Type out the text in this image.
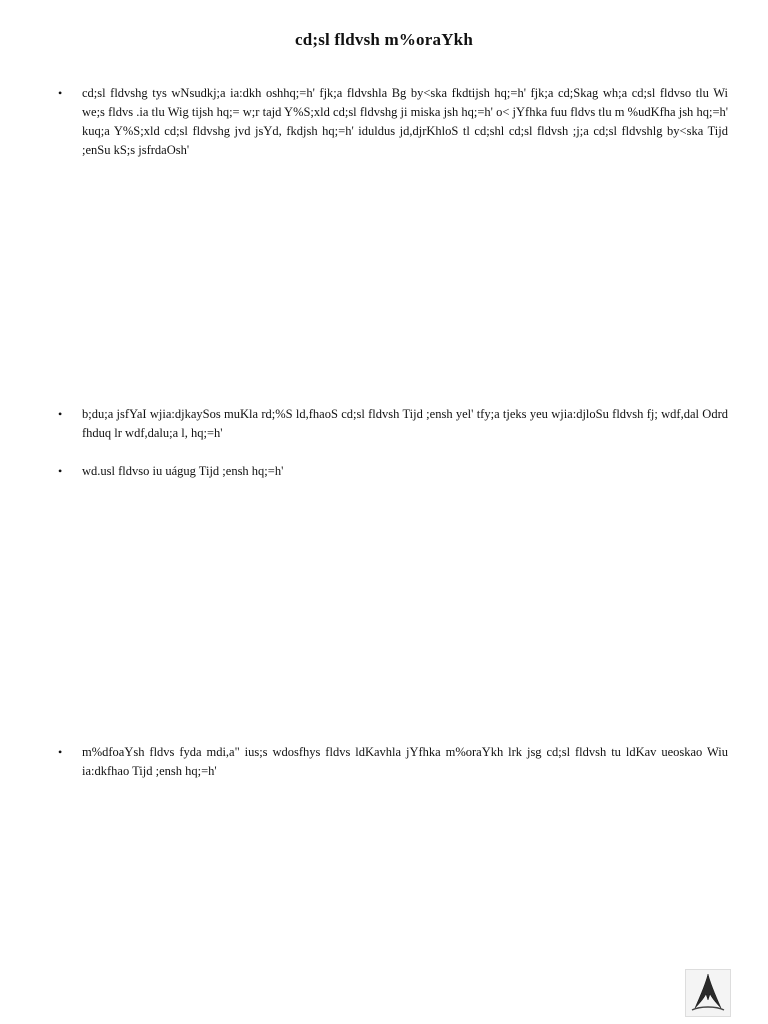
cd;sl fldvsh m%oraYkh
•	cd;sl fldvshg tys wNsudkj;a ia:dkh oshhq;=h' fjk;a fldvshla Bg by<ska fkdtijsh hq;=h' fjk;a cd;Skag wh;a cd;sl fldvso tlu Wi we;s fldvs .ia tlu Wig tijsh hq;= w;r tajd Y%S;xld cd;sl fldvshg ji miska jsh hq;=h' o< jYfhka fuu fldvs tlu m %udKfha jsh hq;=h' kuq;a Y%S;xld cd;sl fldvshg jvd jsYd, fkdjsh hq;=h' iduldus jd,djrKhloS tl cd;shl cd;sl fldvsh ;j;a cd;sl fldvshlg by<ska Tijd ;enSu kS;s jsfrdaOsh'
•	b;du;a jsfYaI wjia:djkaySos muKla rd;%S ld,fhaoS cd;sl fldvsh Tijd ;ensh yel' tfy;a tjeks yeu wjia:djloSu fldvsh fj; wdf,dal Odrd fhduq lr wdf,dalu;a l, hq;=h'
•	wd.usl fldvso iu uágug Tijd ;ensh hq;=h'
•	m%dfoaYsh fldvs fyda mdi,a" ius;s wdosfhys fldvs ldKavhla jYfhka m%oraYkh lrk jsg cd;sl fldvsh tu ldKav ueoskao Wiu ia:dkfhao Tijd ;ensh hq;=h'
